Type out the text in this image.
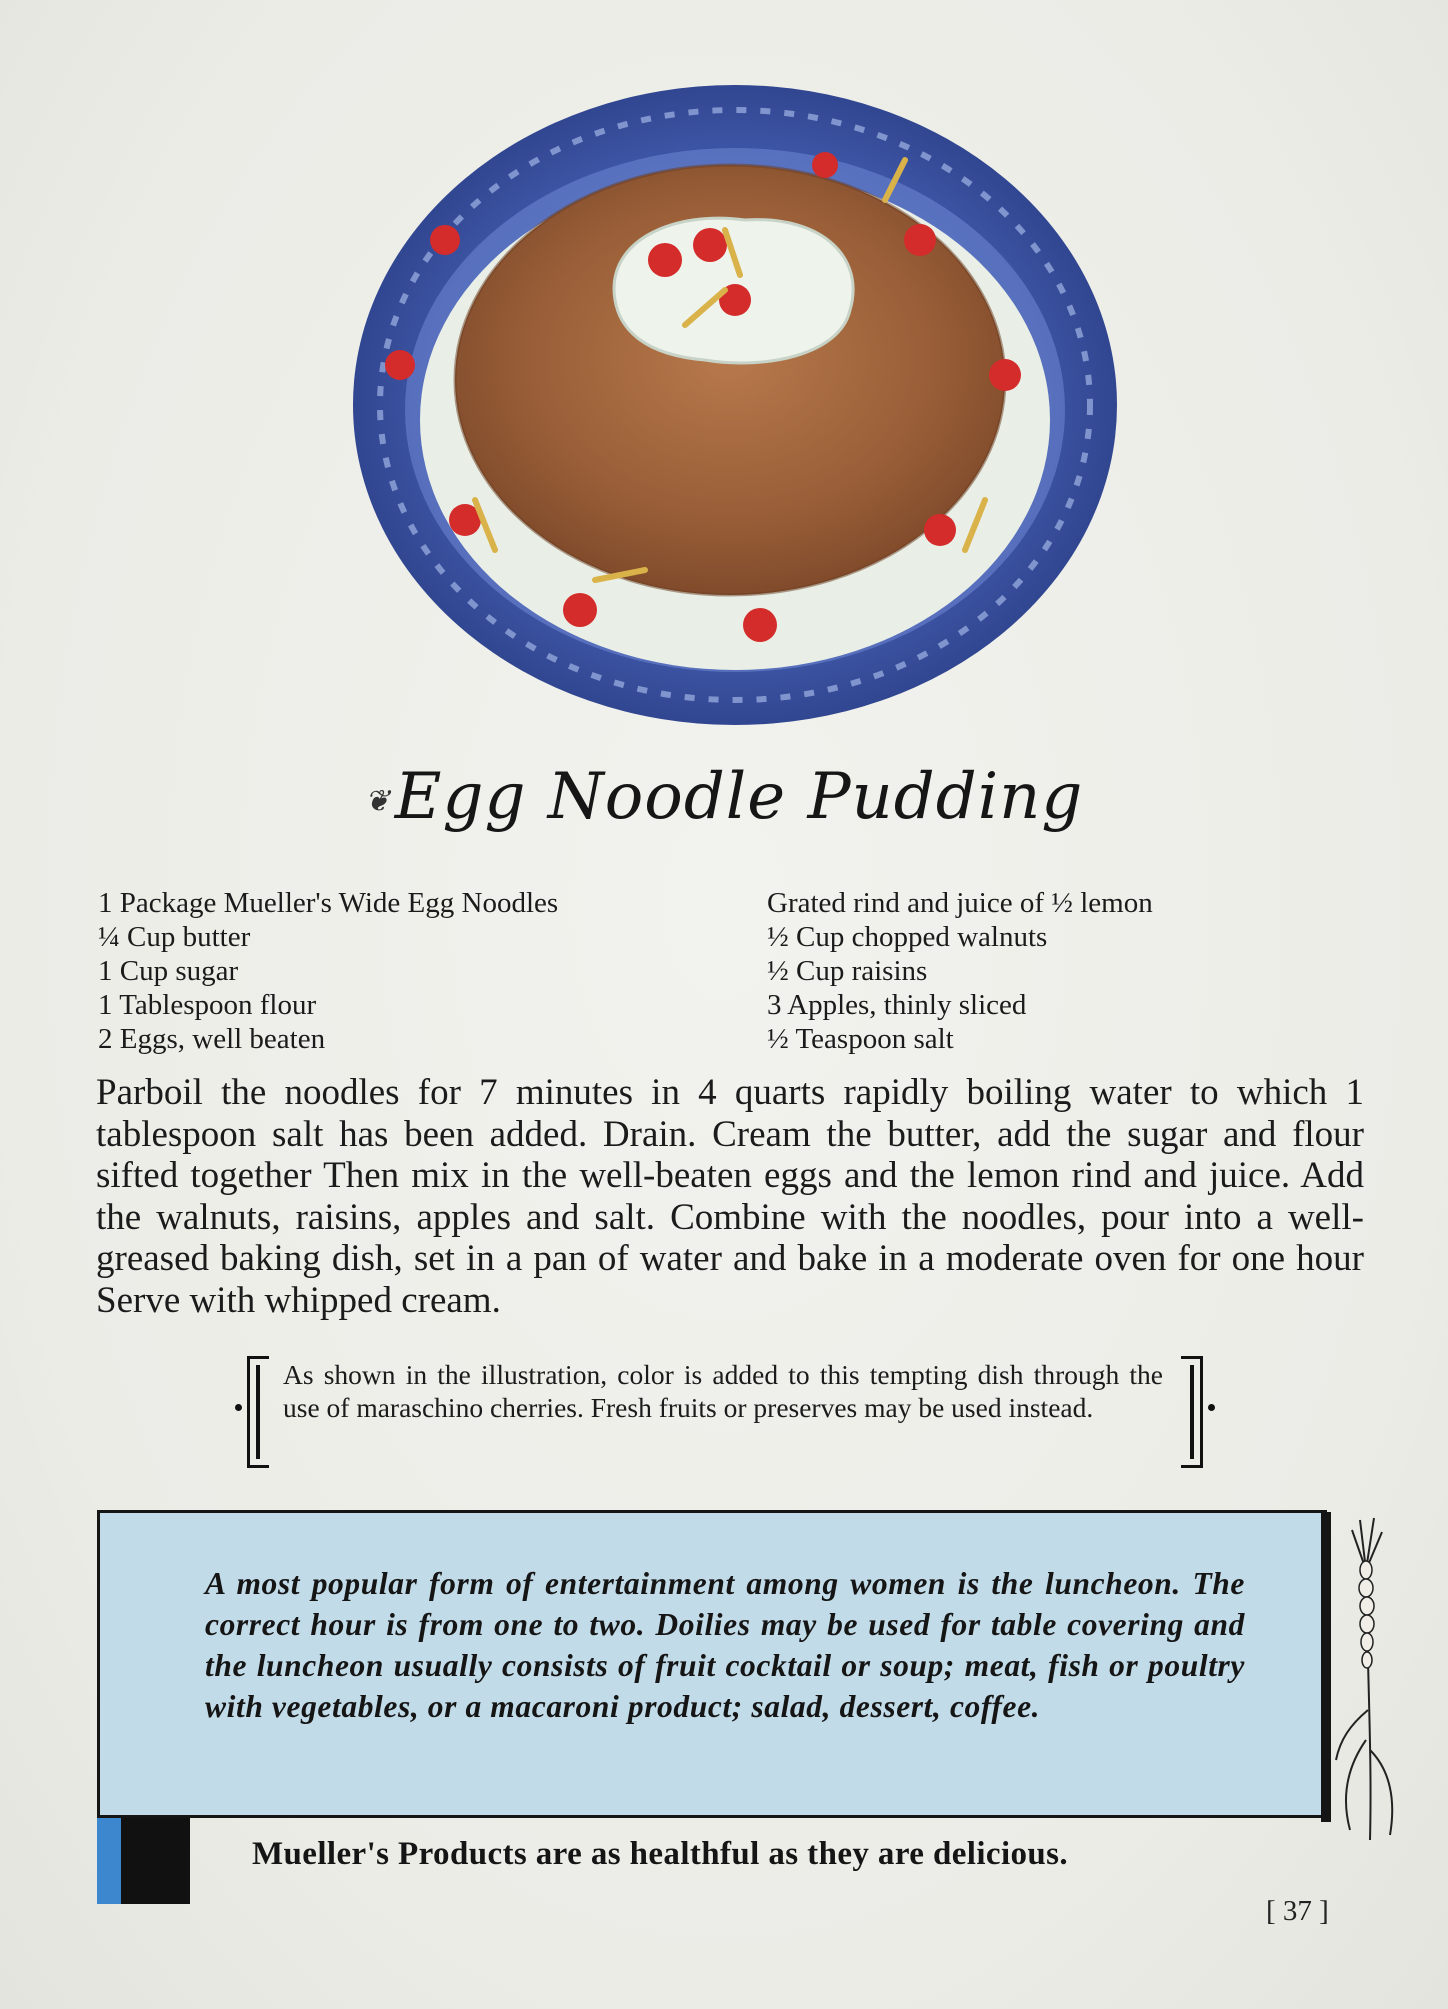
❦Egg Noodle Pudding
1 Package Mueller's Wide Egg Noodles
¼ Cup butter
1 Cup sugar
1 Tablespoon flour
2 Eggs, well beaten
Grated rind and juice of ½ lemon
½ Cup chopped walnuts
½ Cup raisins
3 Apples, thinly sliced
½ Teaspoon salt
Parboil the noodles for 7 minutes in 4 quarts rapidly boiling water to which 1 tablespoon salt has been added. Drain. Cream the butter, add the sugar and flour sifted together Then mix in the well-beaten eggs and the lemon rind and juice. Add the walnuts, raisins, apples and salt. Combine with the noodles, pour into a well-greased baking dish, set in a pan of water and bake in a moderate oven for one hour Serve with whipped cream.
As shown in the illustration, color is added to this tempting dish through the use of maraschino cherries. Fresh fruits or preserves may be used instead.
A most popular form of entertainment among women is the luncheon. The correct hour is from one to two. Doilies may be used for table covering and the luncheon usually consists of fruit cocktail or soup; meat, fish or poultry with vegetables, or a macaroni product; salad, dessert, coffee.
Mueller's Products are as healthful as they are delicious.
[ 37 ]
